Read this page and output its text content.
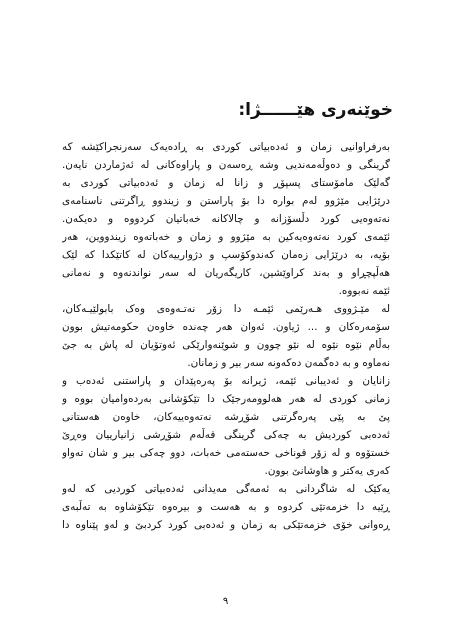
خوێنەری هێــــــژا:
بەرفراوانیی زمان و ئەدەبیاتی کوردی بە ڕادەیەک سەرنجراکێشە کە
گرینگی و دەوڵەمەندیی وشە ڕەسەن و پاراوەکانی لە ئەژماردن نایەن.
گەلێک مامۆستای پسپۆڕ و زانا لە زمان و ئەدەبیاتی کوردی بە
درێژایی مێژوو لەم بوارە دا بۆ پاراستن و زیندوو ڕاگرتنی ناسنامەی
نەتەوەیی کورد دڵسۆزانە و چالاکانە خەباتیان کردووە و دەیکەن.
ئێمەی کورد نەتەوەیەکین بە مێژوو و زمان و خەباتەوە زیندووین، هەر
بۆیە، بە درێژایی زەمان کەندوکۆسپ و دژوارییەکان لە کاتێکدا کە لێک
هەڵپچڕاو و بەند کراوێشین، کاریگەریان لە سەر نواندنەوە و نەمانی
ئێمە نەبووە.
لە مێـژووی هـەرێمی ئێمـە دا زۆر نەتـەوەی وەک بابولێیـەکان،
سۆمەرەکان و ... ژیاون. ئەوان هەر چەندە خاوەن حکومەتیش بوون
بەڵام نێوە نێوە لە نێو چوون و شوێنەوارێکی ئەوتۆیان لە پاش بە جێ
نەماوە و بە دەگمەن دەکەونە سەر بیر و زمانان.
زانایان و ئەدیبانی ئێمە، ژیرانە بۆ پەرەپێدان و پاراستنی ئەدەب و
زمانی کوردی لە هەر هەلوومەرجێک دا تێکۆشانی بەردەوامیان بووە و
پێ بە پێی پەرەگرتنی شۆڕشە نەتەوەییەکان، خاوەن هەستانی
ئەدەبی کوردیش بە چەکی گرینگی قەڵەم شۆڕشی زانیارییان وەڕێ
خستۆوە و لە زۆر قوناخی حەستەمی خەبات، دوو چەکی بیر و شان تەواو
کەری یەکتر و هاوشانێ بوون.
یەکێک لە شاگردانی بە ئەمەگی مەیدانی ئەدەبیاتی کوردیی کە لەو
ڕێیە دا خزمەتێی کردوە و بە هەست و بیرەوە تێکۆشاوە بە تەڵبەی
ڕەوانی خۆی خزمەتێکی بە زمان و ئەدەبی کورد کردبێ و لەو پێناوە دا
٩
